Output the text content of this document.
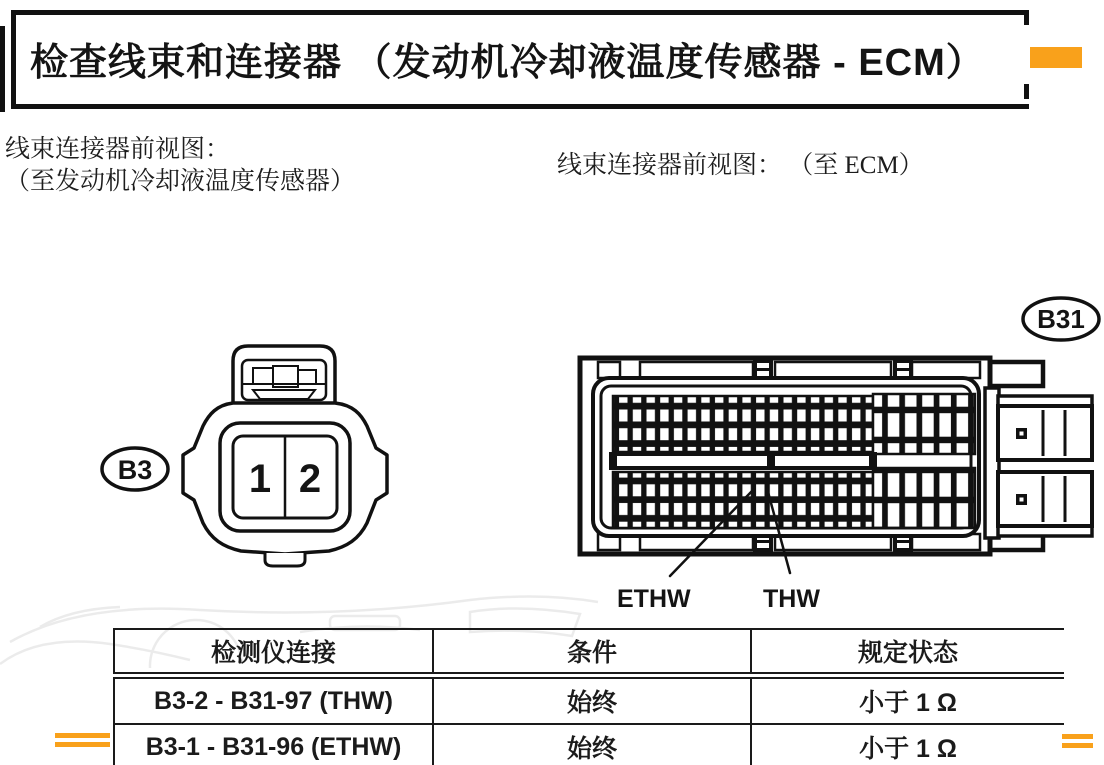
检查线束和连接器 （发动机冷却液温度传感器 - ECM）
线束连接器前视图：
（至发动机冷却液温度传感器）
线束连接器前视图： （至 ECM）
B3 1 2
B31
ETHW	THW
检测仪连接	条件	规定状态
B3-2 - B31-97 (THW)	始终	小于 1 Ω
B3-1 - B31-96 (ETHW)	始终	小于 1 Ω
